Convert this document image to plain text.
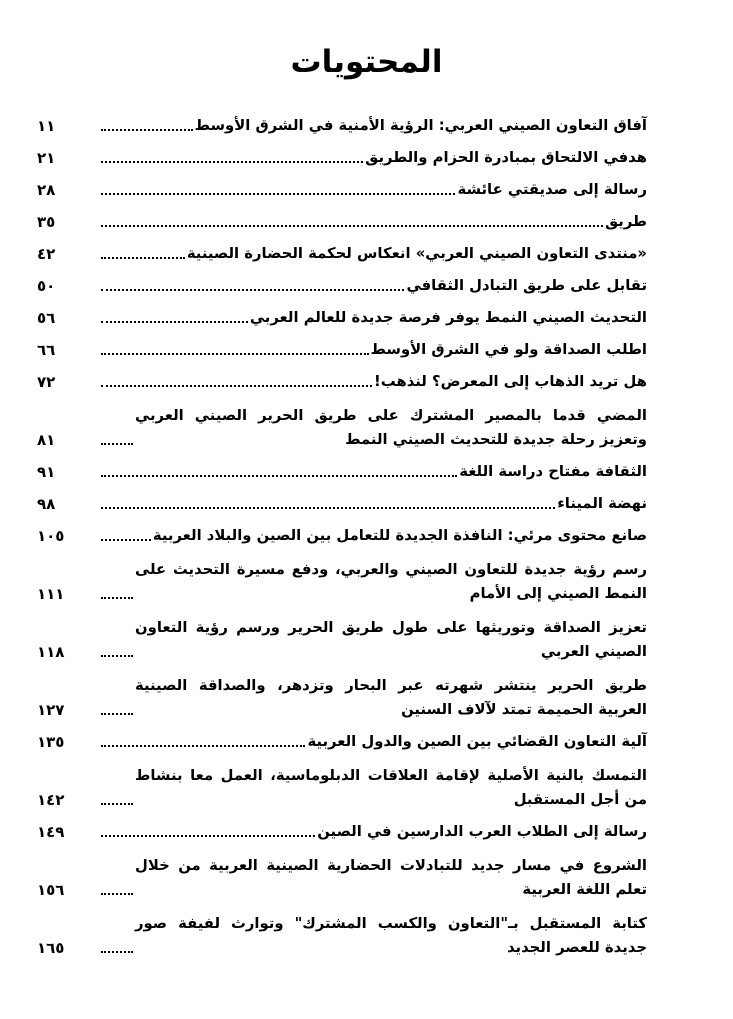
المحتويات
آفاق التعاون الصيني العربي: الرؤية الأمنية في الشرق الأوسط
١١
هدفي الالتحاق بمبادرة الحزام والطريق
٢١
رسالة إلى صديقتي عائشة
٢٨
طريق
٣٥
«منتدى التعاون الصيني العربي» انعكاس لحكمة الحضارة الصينية
٤٢
تقابل على طريق التبادل الثقافي
٥٠
التحديث الصيني النمط يوفر فرصة جديدة للعالم العربي
٥٦
اطلب الصداقة ولو في الشرق الأوسط
٦٦
هل تريد الذهاب إلى المعرض؟ لنذهب!
٧٢
المضي قدما بالمصير المشترك على طريق الحرير الصيني العربي وتعزيز رحلة جديدة للتحديث الصيني النمط
٨١
الثقافة مفتاح دراسة اللغة
٩١
نهضة الميناء
٩٨
صانع محتوى مرئي: النافذة الجديدة للتعامل بين الصين والبلاد العربية
١٠٥
رسم رؤية جديدة للتعاون الصيني والعربي، ودفع مسيرة التحديث على النمط الصيني إلى الأمام
١١١
تعزيز الصداقة وتوريثها على طول طريق الحرير ورسم رؤية التعاون الصيني العربي
١١٨
طريق الحرير ينتشر شهرته عبر البحار وتزدهر، والصداقة الصينية العربية الحميمة تمتد لآلاف السنين
١٢٧
آلية التعاون القضائي بين الصين والدول العربية
١٣٥
التمسك بالنية الأصلية لإقامة العلاقات الدبلوماسية، العمل معا بنشاط من أجل المستقبل
١٤٢
رسالة إلى الطلاب العرب الدارسين في الصين
١٤٩
الشروع في مسار جديد للتبادلات الحضارية الصينية العربية من خلال تعلم اللغة العربية
١٥٦
كتابة المستقبل بـ"التعاون والكسب المشترك" وتوارث لفيفة صور جديدة للعصر الجديد
١٦٥
